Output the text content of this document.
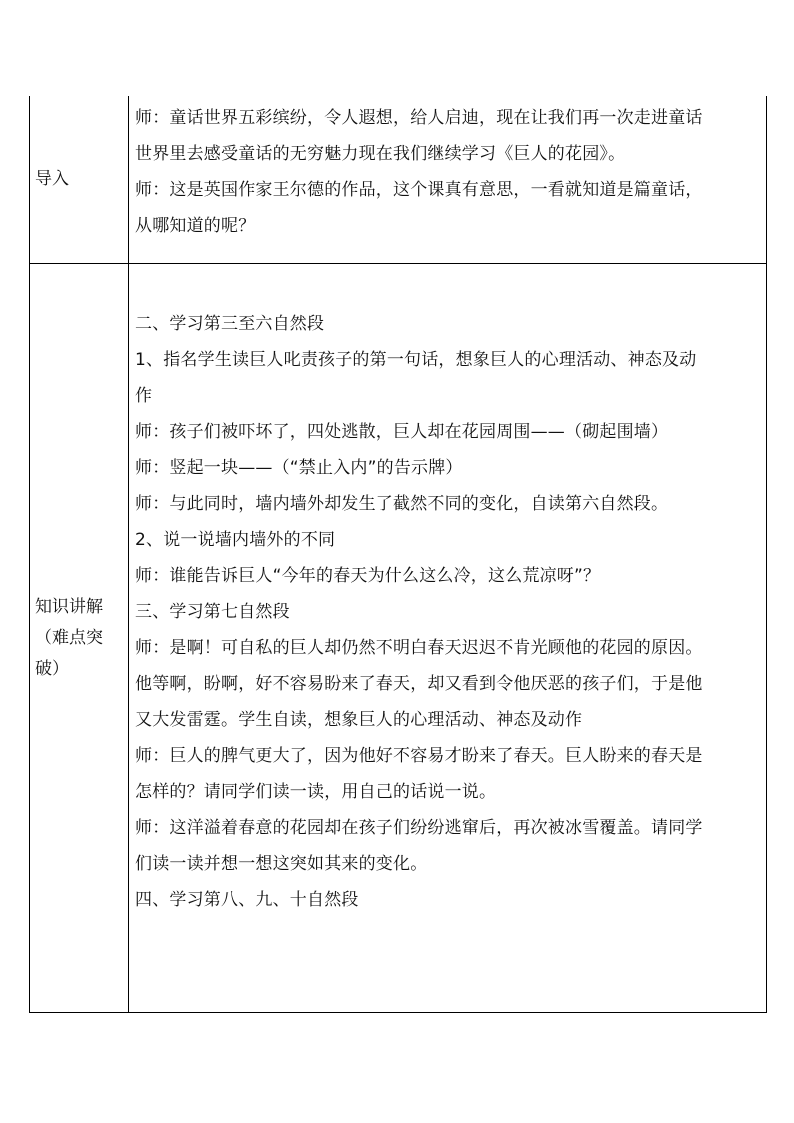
导入

师：童话世界五彩缤纷，令人遐想，给人启迪，现在让我们再一次走进童话

世界里去感受童话的无穷魅力现在我们继续学习《巨人的花园》。

师：这是英国作家王尔德的作品，这个课真有意思，一看就知道是篇童话，

从哪知道的呢？

知识讲解
（难点突
破）

二、学习第三至六自然段

1、指名学生读巨人叱责孩子的第一句话，想象巨人的心理活动、神态及动

作

师：孩子们被吓坏了，四处逃散，巨人却在花园周围——（砌起围墙）

师：竖起一块——（“禁止入内”的告示牌）

师：与此同时，墙内墙外却发生了截然不同的变化，自读第六自然段。

2、说一说墙内墙外的不同

师：谁能告诉巨人“今年的春天为什么这么冷，这么荒凉呀”？

三、学习第七自然段

师：是啊！可自私的巨人却仍然不明白春天迟迟不肯光顾他的花园的原因。

他等啊，盼啊，好不容易盼来了春天，却又看到令他厌恶的孩子们，于是他

又大发雷霆。学生自读，想象巨人的心理活动、神态及动作

师：巨人的脾气更大了，因为他好不容易才盼来了春天。巨人盼来的春天是

怎样的？请同学们读一读，用自己的话说一说。

师：这洋溢着春意的花园却在孩子们纷纷逃窜后，再次被冰雪覆盖。请同学

们读一读并想一想这突如其来的变化。

四、学习第八、九、十自然段
